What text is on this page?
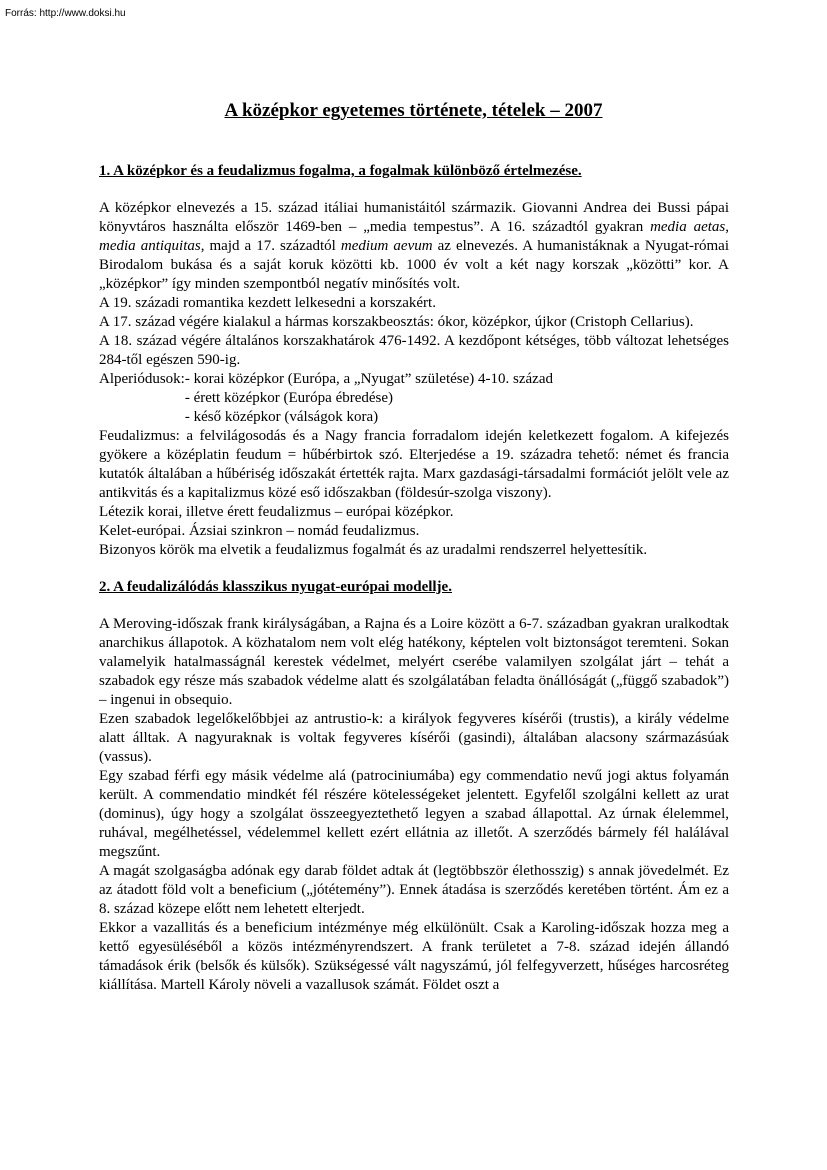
Forrás: http://www.doksi.hu
A középkor egyetemes története, tételek – 2007
1. A középkor és a feudalizmus fogalma, a fogalmak különböző értelmezése.

A középkor elnevezés a 15. század itáliai humanistáitól származik. Giovanni Andrea dei Bussi pápai könyvtáros használta először 1469-ben – „media tempestus”. A 16. századtól gyakran media aetas, media antiquitas, majd a 17. századtól medium aevum az elnevezés. A humanistáknak a Nyugat-római Birodalom bukása és a saját koruk közötti kb. 1000 év volt a két nagy korszak „közötti” kor. A „középkor” így minden szempontból negatív minősítés volt.

A 19. századi romantika kezdett lelkesedni a korszakért.

A 17. század végére kialakul a hármas korszakbeosztás: ókor, középkor, újkor (Cristoph Cellarius).

A 18. század végére általános korszakhatárok 476-1492. A kezdőpont kétséges, több változat lehetséges 284-től egészen 590-ig.

Alperiódusok: - korai középkor (Európa, a „Nyugat” születése) 4-10. század
- érett középkor (Európa ébredése)
- késő középkor (válságok kora)

Feudalizmus: a felvilágosodás és a Nagy francia forradalom idején keletkezett fogalom. A kifejezés gyökere a középlatin feudum = hűbérbirtok szó. Elterjedése a 19. századra tehető: német és francia kutatók általában a hűbériség időszakát értették rajta. Marx gazdasági-társadalmi formációt jelölt vele az antikvitás és a kapitalizmus közé eső időszakban (földesúr-szolga viszony).

Létezik korai, illetve érett feudalizmus – európai középkor.

Kelet-európai. Ázsiai szinkron – nomád feudalizmus.

Bizonyos körök ma elvetik a feudalizmus fogalmát és az uradalmi rendszerrel helyettesítik.

2. A feudalizálódás klasszikus nyugat-európai modellje.

A Meroving-időszak frank királyságában, a Rajna és a Loire között a 6-7. században gyakran uralkodtak anarchikus állapotok. A közhatalom nem volt elég hatékony, képtelen volt biztonságot teremteni. Sokan valamelyik hatalmasságnál kerestek védelmet, melyért cserébe valamilyen szolgálat járt – tehát a szabadok egy része más szabadok védelme alatt és szolgálatában feladta önállóságát („függő szabadok”) – ingenui in obsequio.

Ezen szabadok legelőkelőbbjei az antrustio-k: a királyok fegyveres kísérői (trustis), a király védelme alatt álltak. A nagyuraknak is voltak fegyveres kísérői (gasindi), általában alacsony származásúak (vassus).

Egy szabad férfi egy másik védelme alá (patrociniumába) egy commendatio nevű jogi aktus folyamán került. A commendatio mindkét fél részére kötelességeket jelentett. Egyfelől szolgálni kellett az urat (dominus), úgy hogy a szolgálat összeegyeztethető legyen a szabad állapottal. Az úrnak élelemmel, ruhával, megélhetéssel, védelemmel kellett ezért ellátnia az illetőt. A szerződés bármely fél halálával megszűnt.

A magát szolgaságba adónak egy darab földet adtak át (legtöbbször élethosszig) s annak jövedelmét. Ez az átadott föld volt a beneficium („jótétemény”). Ennek átadása is szerződés keretében történt. Ám ez a 8. század közepe előtt nem lehetett elterjedt.

Ekkor a vazallitás és a beneficium intézménye még elkülönült. Csak a Karoling-időszak hozza meg a kettő egyesüléséből a közös intézményrendszert. A frank területet a 7-8. század idején állandó támadások érik (belsők és külsők). Szükségessé vált nagyszámú, jól felfegyverzett, hűséges harcosréteg kiállítása. Martell Károly növeli a vazallusok számát. Földet oszt a
